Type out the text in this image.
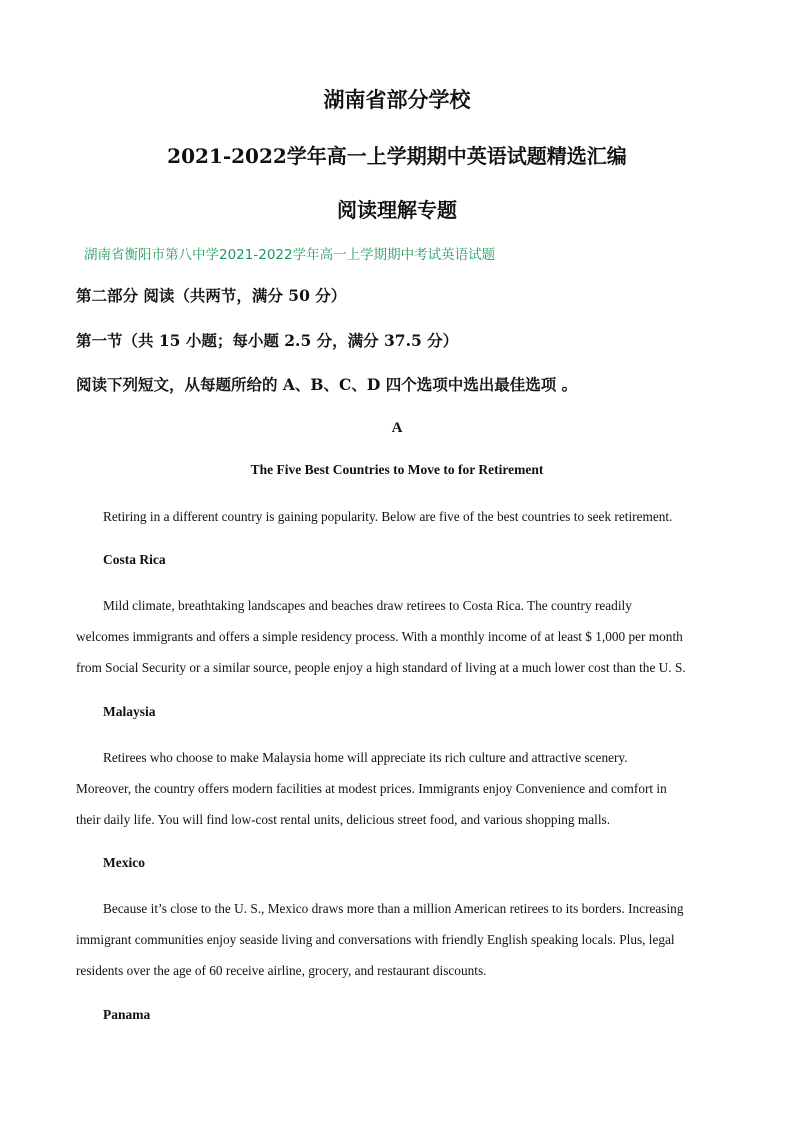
湖南省部分学校
2021-2022学年高一上学期期中英语试题精选汇编
阅读理解专题
湖南省衡阳市第八中学2021-2022学年高一上学期期中考试英语试题
第二部分 阅读（共两节，满分 50 分）
第一节（共 15 小题；每小题 2.5 分，满分 37.5 分）
阅读下列短文，从每题所给的 A、B、C、D 四个选项中选出最佳选项 。
A
The Five Best Countries to Move to for Retirement
Retiring in a different country is gaining popularity. Below are five of the best countries to seek retirement.
Costa Rica
Mild climate, breathtaking landscapes and beaches draw retirees to Costa Rica. The country readily
welcomes immigrants and offers a simple residency process. With a monthly income of at least $ 1,000 per month
from Social Security or a similar source, people enjoy a high standard of living at a much lower cost than the U. S.
Malaysia
Retirees who choose to make Malaysia home will appreciate its rich culture and attractive scenery.
Moreover, the country offers modern facilities at modest prices. Immigrants enjoy Convenience and comfort in
their daily life. You will find low-cost rental units, delicious street food, and various shopping malls.
Mexico
Because it’s close to the U. S., Mexico draws more than a million American retirees to its borders. Increasing
immigrant communities enjoy seaside living and conversations with friendly English speaking locals. Plus, legal
residents over the age of 60 receive airline, grocery, and restaurant discounts.
Panama
